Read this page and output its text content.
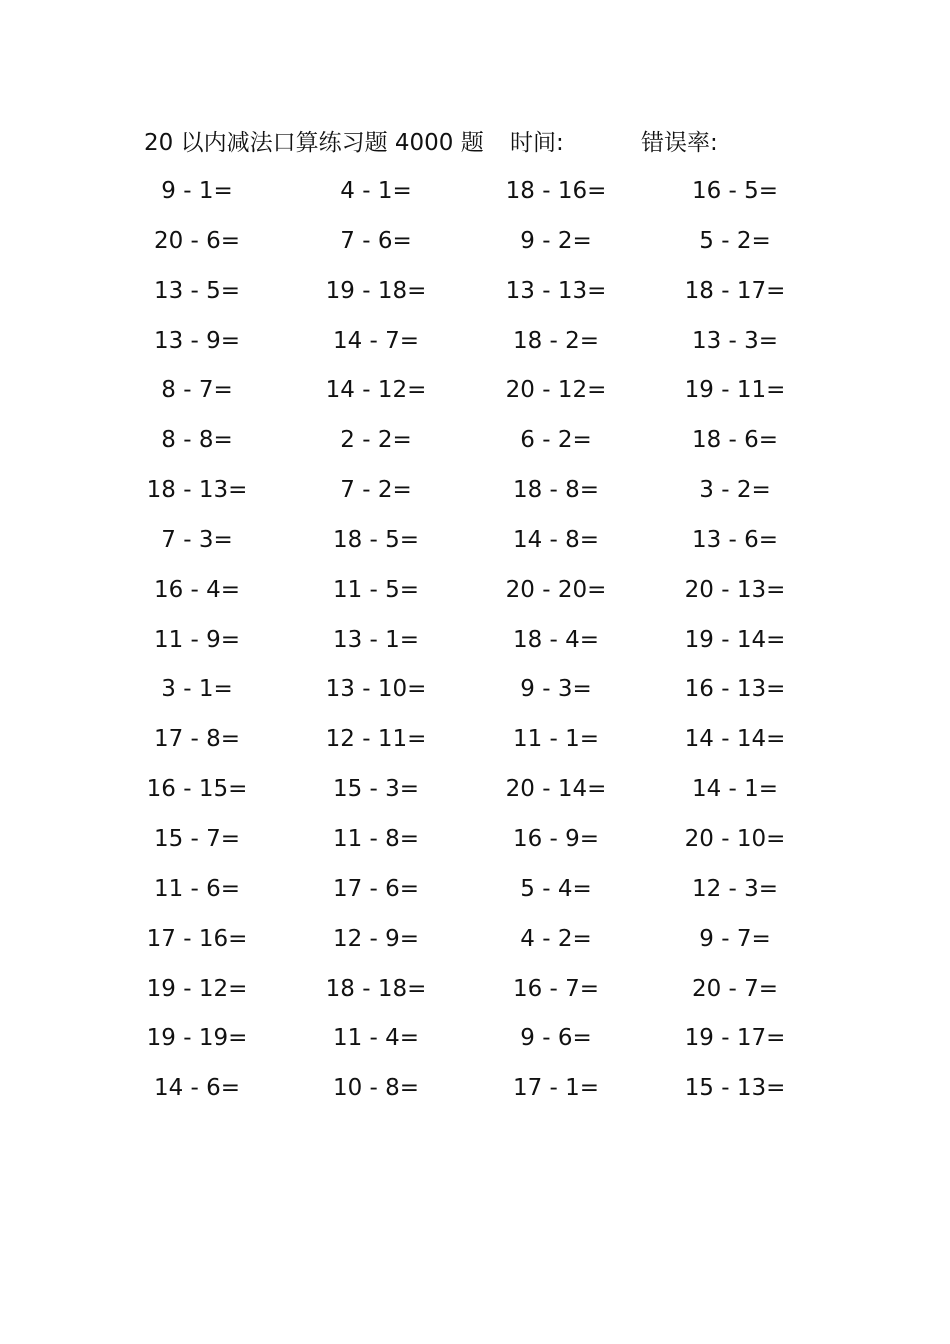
20 以内减法口算练习题 4000 题 时间:	错误率:
9 - 1=	4 - 1=	18 - 16=	16 - 5=
20 - 6=	7 - 6=	9 - 2=	5 - 2=
13 - 5=	19 - 18=	13 - 13=	18 - 17=
13 - 9=	14 - 7=	18 - 2=	13 - 3=
8 - 7=	14 - 12=	20 - 12=	19 - 11=
8 - 8=	2 - 2=	6 - 2=	18 - 6=
18 - 13=	7 - 2=	18 - 8=	3 - 2=
7 - 3=	18 - 5=	14 - 8=	13 - 6=
16 - 4=	11 - 5=	20 - 20=	20 - 13=
11 - 9=	13 - 1=	18 - 4=	19 - 14=
3 - 1=	13 - 10=	9 - 3=	16 - 13=
17 - 8=	12 - 11=	11 - 1=	14 - 14=
16 - 15=	15 - 3=	20 - 14=	14 - 1=
15 - 7=	11 - 8=	16 - 9=	20 - 10=
11 - 6=	17 - 6=	5 - 4=	12 - 3=
17 - 16=	12 - 9=	4 - 2=	9 - 7=
19 - 12=	18 - 18=	16 - 7=	20 - 7=
19 - 19=	11 - 4=	9 - 6=	19 - 17=
14 - 6=	10 - 8=	17 - 1=	15 - 13=
